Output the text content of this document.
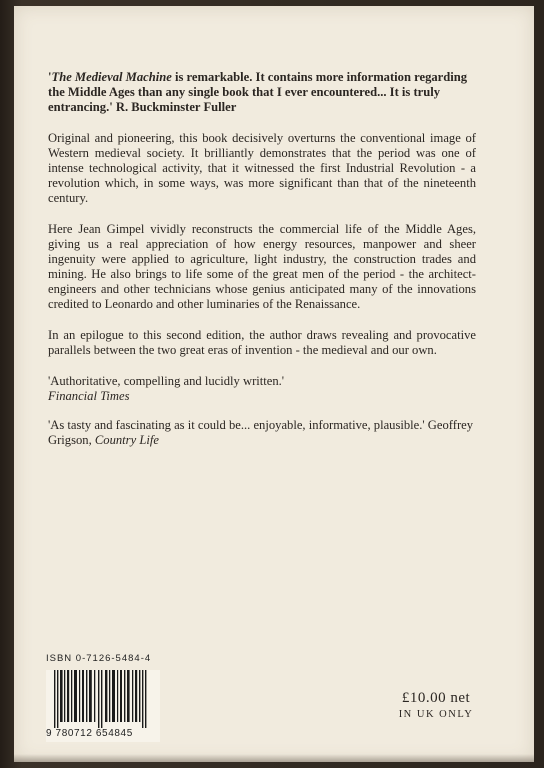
'The Medieval Machine is remarkable. It contains more information regarding the Middle Ages than any single book that I ever encountered... It is truly entrancing.' R. Buckminster Fuller

Original and pioneering, this book decisively overturns the conventional image of Western medieval society. It brilliantly demonstrates that the period was one of intense technological activity, that it witnessed the first Industrial Revolution - a revolution which, in some ways, was more significant than that of the nineteenth century.

Here Jean Gimpel vividly reconstructs the commercial life of the Middle Ages, giving us a real appreciation of how energy resources, manpower and sheer ingenuity were applied to agriculture, light industry, the construction trades and mining. He also brings to life some of the great men of the period - the architect-engineers and other technicians whose genius anticipated many of the innovations credited to Leonardo and other luminaries of the Renaissance.

In an epilogue to this second edition, the author draws revealing and provocative parallels between the two great eras of invention - the medieval and our own.

'Authoritative, compelling and lucidly written.'
Financial Times
'As tasty and fascinating as it could be... enjoyable, informative, plausible.' Geoffrey Grigson, Country Life
ISBN 0-7126-5484-4
9 780712 654845
£10.00 net
IN UK ONLY
